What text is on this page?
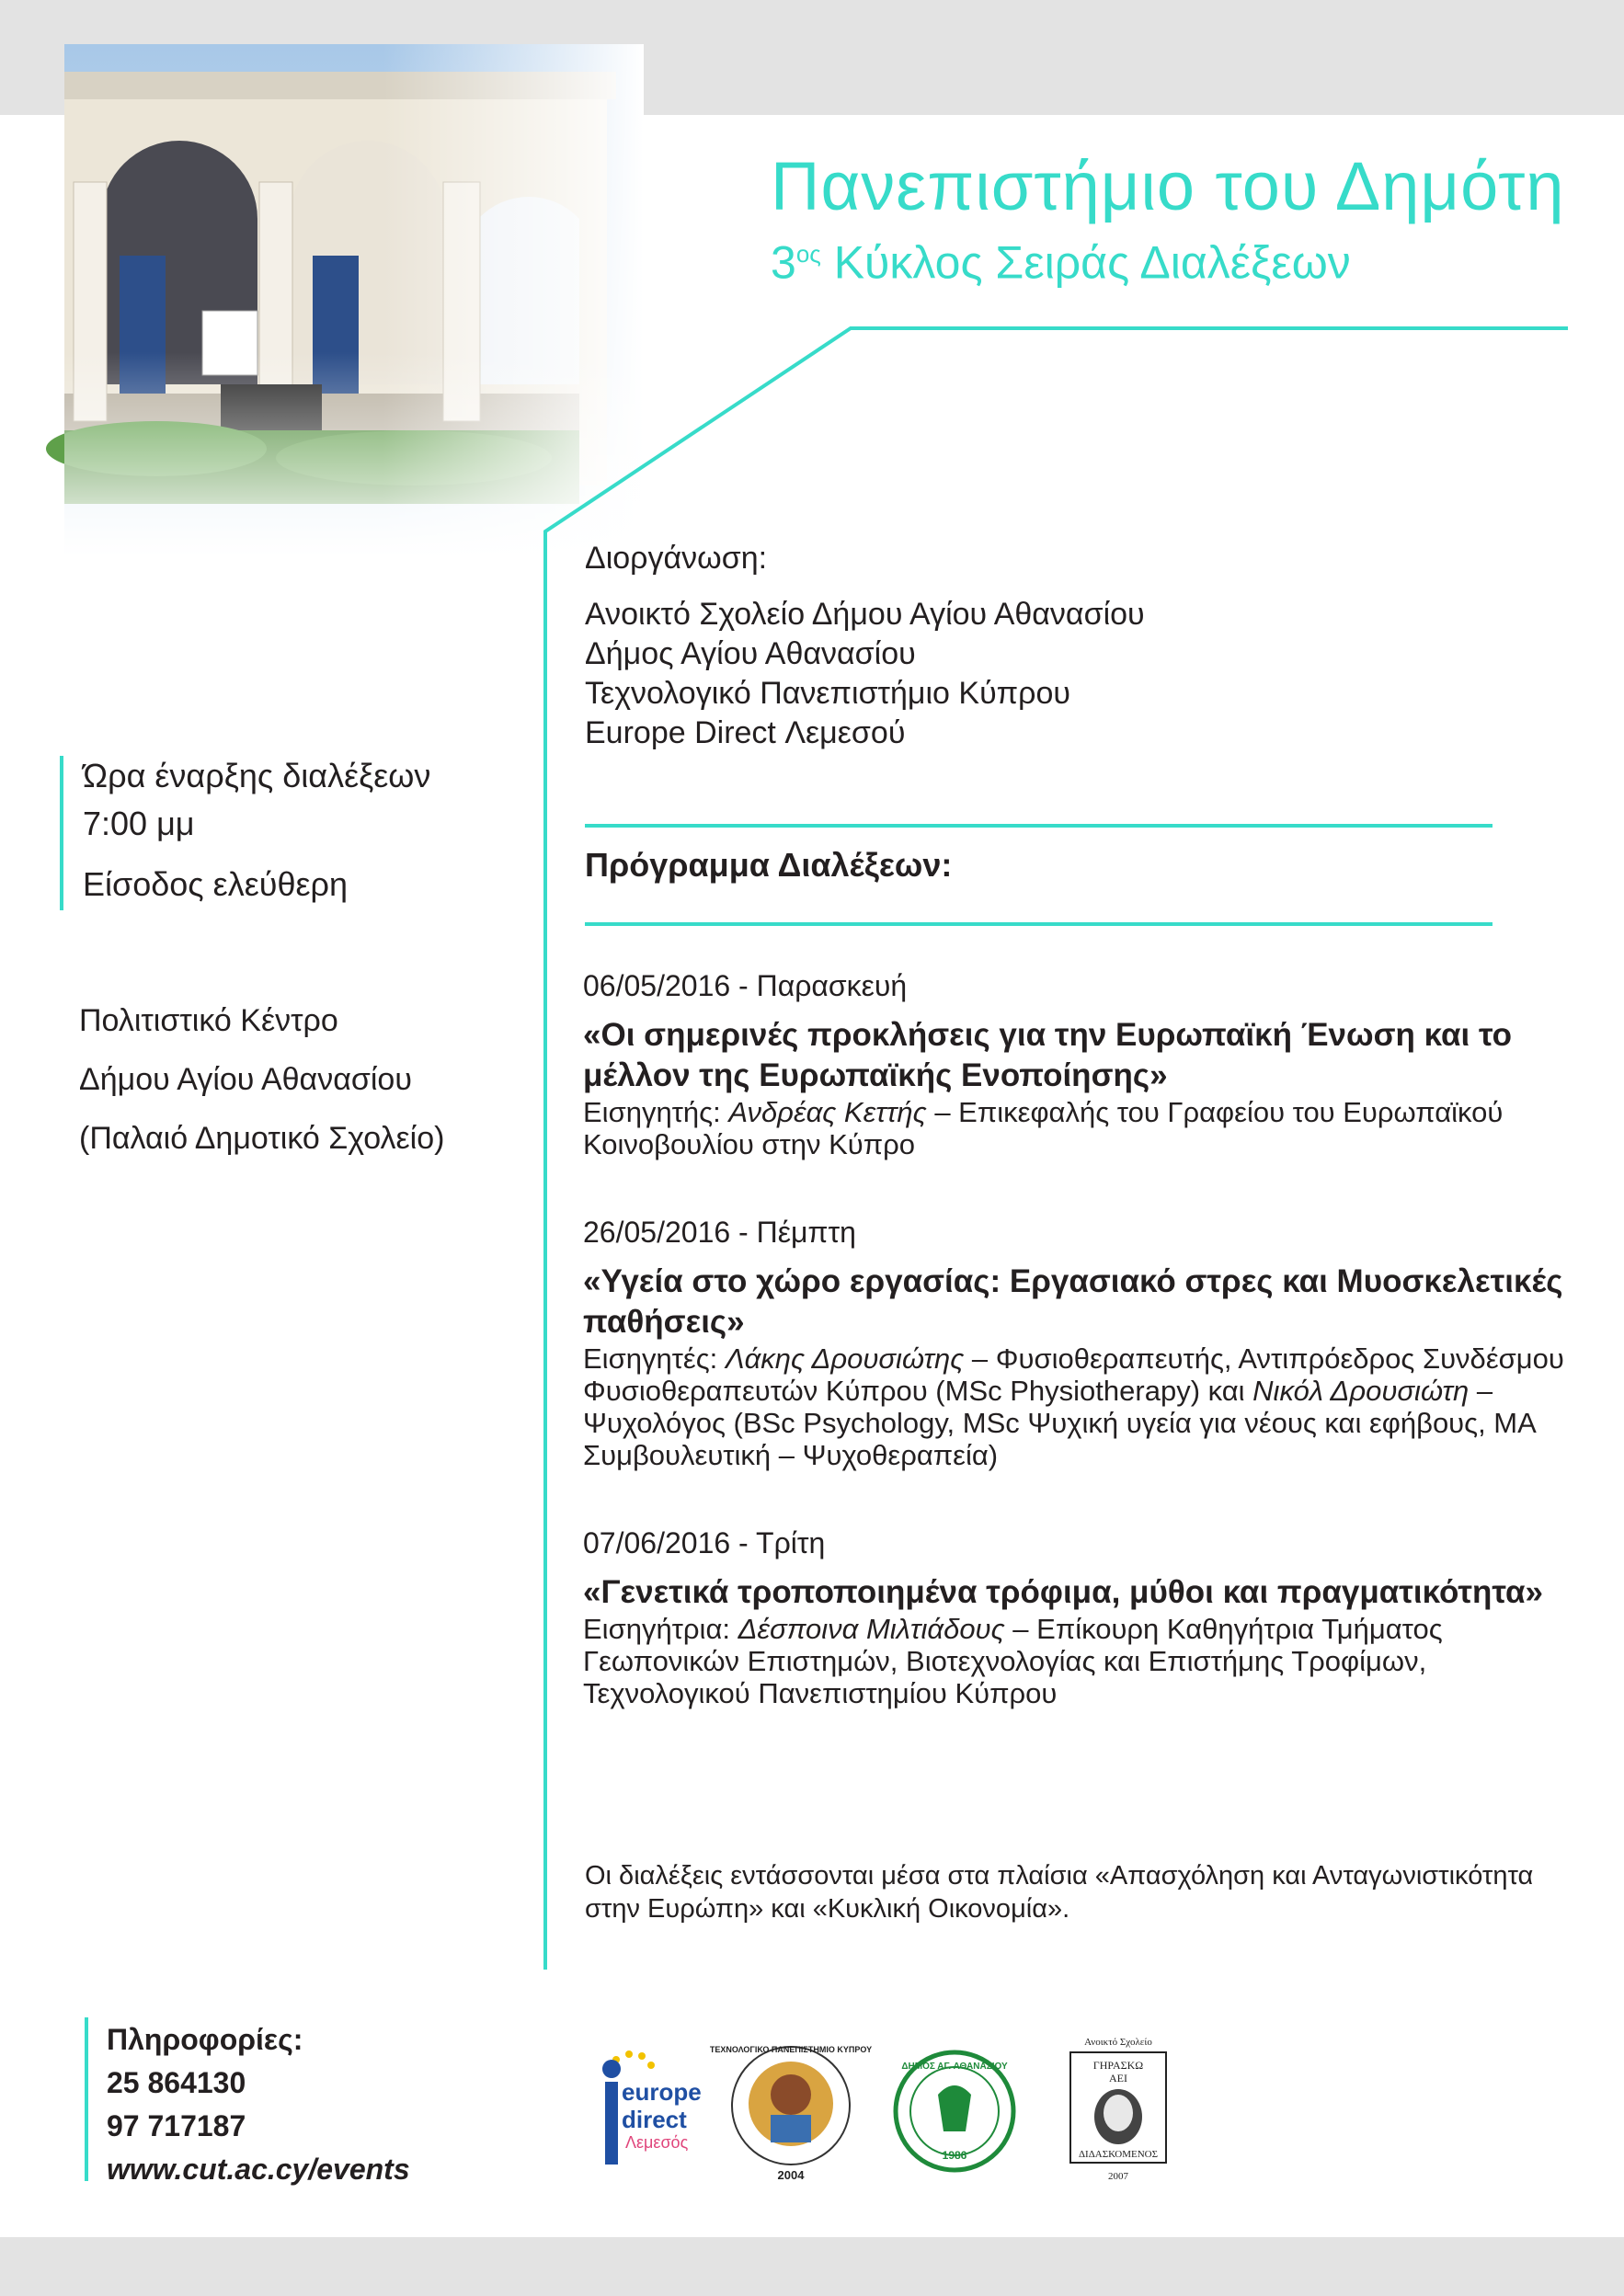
Πανεπιστήμιο του Δημότη
$3^{o\varsigma}$ Κύκλος Σειράς Διαλέξεων
Διοργάνωση:
Ανοικτό Σχολείο Δήμου Αγίου Αθανασίου
Δήμος Αγίου Αθανασίου
Τεχνολογικό Πανεπιστήμιο Κύπρου
Europe Direct Λεμεσού
Ώρα έναρξης διαλέξεων
7:00 μμ
Είσοδος ελεύθερη
Πολιτιστικό Κέντρο
Δήμου Αγίου Αθανασίου
(Παλαιό Δημοτικό Σχολείο)
Πρόγραμμα Διαλέξεων:
06/05/2016 - Παρασκευή
«Οι σημερινές προκλήσεις για την Ευρωπαϊκή Ένωση και το μέλλον της Ευρωπαϊκής Ενοποίησης»
Εισηγητής: Ανδρέας Κεττής – Επικεφαλής του Γραφείου του Ευρωπαϊκού Κοινοβουλίου στην Κύπρο
26/05/2016 - Πέμπτη
«Υγεία στο χώρο εργασίας: Εργασιακό στρες και Μυοσκελετικές παθήσεις»
Εισηγητές: Λάκης Δρουσιώτης – Φυσιοθεραπευτής, Αντιπρόεδρος Συνδέσμου Φυσιοθεραπευτών Κύπρου (MSc Physiotherapy) και Νικόλ Δρουσιώτη – Ψυχολόγος (BSc Psychology, MSc Ψυχική υγεία για νέους και εφήβους, MA Συμβουλευτική – Ψυχοθεραπεία)
07/06/2016 - Τρίτη
«Γενετικά τροποποιημένα τρόφιμα, μύθοι και πραγματικότητα»
Εισηγήτρια: Δέσποινα Μιλτιάδους – Επίκουρη Καθηγήτρια Τμήματος Γεωπονικών Επιστημών, Βιοτεχνολογίας και Επιστήμης Τροφίμων, Τεχνολογικού Πανεπιστημίου Κύπρου
Οι διαλέξεις εντάσσονται μέσα στα πλαίσια «Απασχόληση και Ανταγωνιστικότητα στην Ευρώπη» και «Κυκλική Οικονομία».
Πληροφορίες:
25 864130
97 717187
www.cut.ac.cy/events
europe
direct
Λεμεσός
ΤΕΧΝΟΛΟΓΙΚΟ ΠΑΝΕΠΙΣΤΗΜΙΟ ΚΥΠΡΟΥ
2004
ΔΗΜΟΣ ΑΓ. ΑΘΑΝΑΣΙΟΥ
1986
Ανοικτό Σχολείο
ΓΗΡΑΣΚΩ
ΑΕΙ
ΔΙΔΑΣΚΟΜΕΝΟΣ
2007
